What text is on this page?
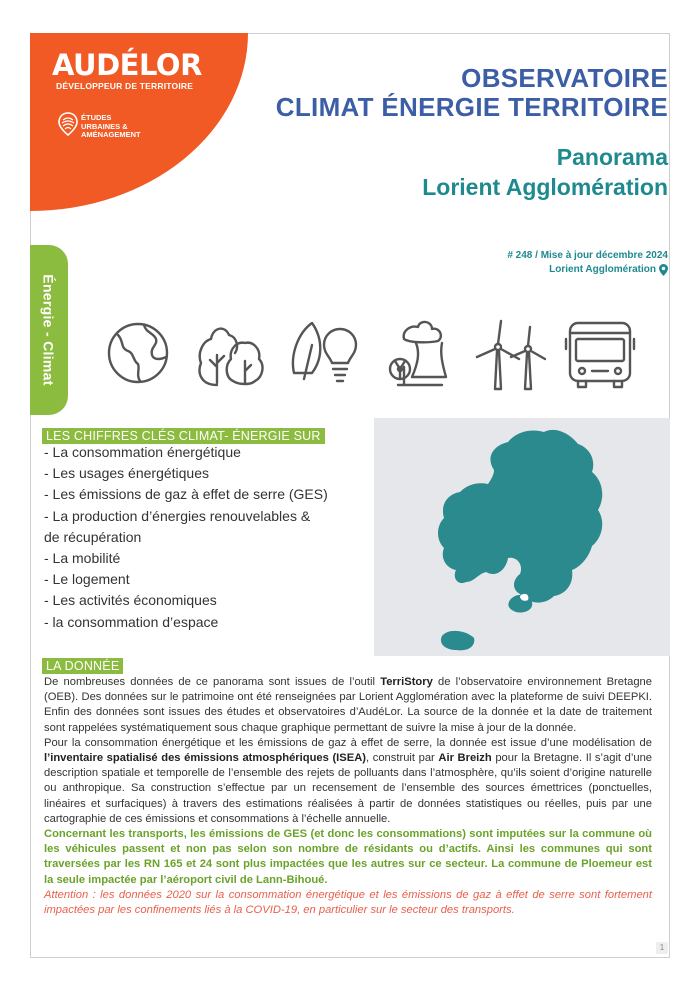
AUDÉLOR
DÉVELOPPEUR DE TERRITOIRE
ÉTUDES
URBAINES &
AMÉNAGEMENT
OBSERVATOIRE
CLIMAT ÉNERGIE TERRITOIRE
Panorama
Lorient Agglomération
# 248 / Mise à jour décembre 2024
Lorient Agglomération
Énergie - Climat
LES CHIFFRES CLÉS CLIMAT- ÉNERGIE SUR
- La consommation énergétique
- Les usages énergétiques
- Les émissions de gaz à effet de serre (GES)
- La production d’énergies renouvelables &
de récupération
- La mobilité
- Le logement
- Les activités économiques
- la consommation d’espace
LA DONNÉE

De nombreuses données de ce panorama sont issues de l’outil TerriStory de l’observatoire environnement Bretagne (OEB). Des données sur le patrimoine ont été renseignées par Lorient Agglomération avec la plateforme de suivi DEEPKI. Enfin des données sont issues des études et observatoires d’AudéLor. La source de la donnée et la date de traitement sont rappelées systématiquement sous chaque graphique permettant de suivre la mise à jour de la donnée.

Pour la consommation énergétique et les émissions de gaz à effet de serre, la donnée est issue d’une modélisation de l’inventaire spatialisé des émissions atmosphériques (ISEA), construit par Air Breizh pour la Bretagne. Il s’agit d’une description spatiale et temporelle de l’ensemble des rejets de polluants dans l’atmosphère, qu’ils soient d’origine naturelle ou anthropique. Sa construction s’effectue par un recensement de l’ensemble des sources émettrices (ponctuelles, linéaires et surfaciques) à travers des estimations réalisées à partir de données statistiques ou réelles, puis par une cartographie de ces émissions et consommations à l’échelle annuelle.

Concernant les transports, les émissions de GES (et donc les consommations) sont imputées sur la commune où les véhicules passent et non pas selon son nombre de résidants ou d’actifs. Ainsi les communes qui sont traversées par les RN 165 et 24 sont plus impactées que les autres sur ce secteur. La commune de Ploemeur est la seule impactée par l’aéroport civil de Lann-Bihoué.

Attention : les données 2020 sur la consommation énergétique et les émissions de gaz à effet de serre sont fortement impactées par les confinements liés à la COVID-19, en particulier sur le secteur des transports.

1
